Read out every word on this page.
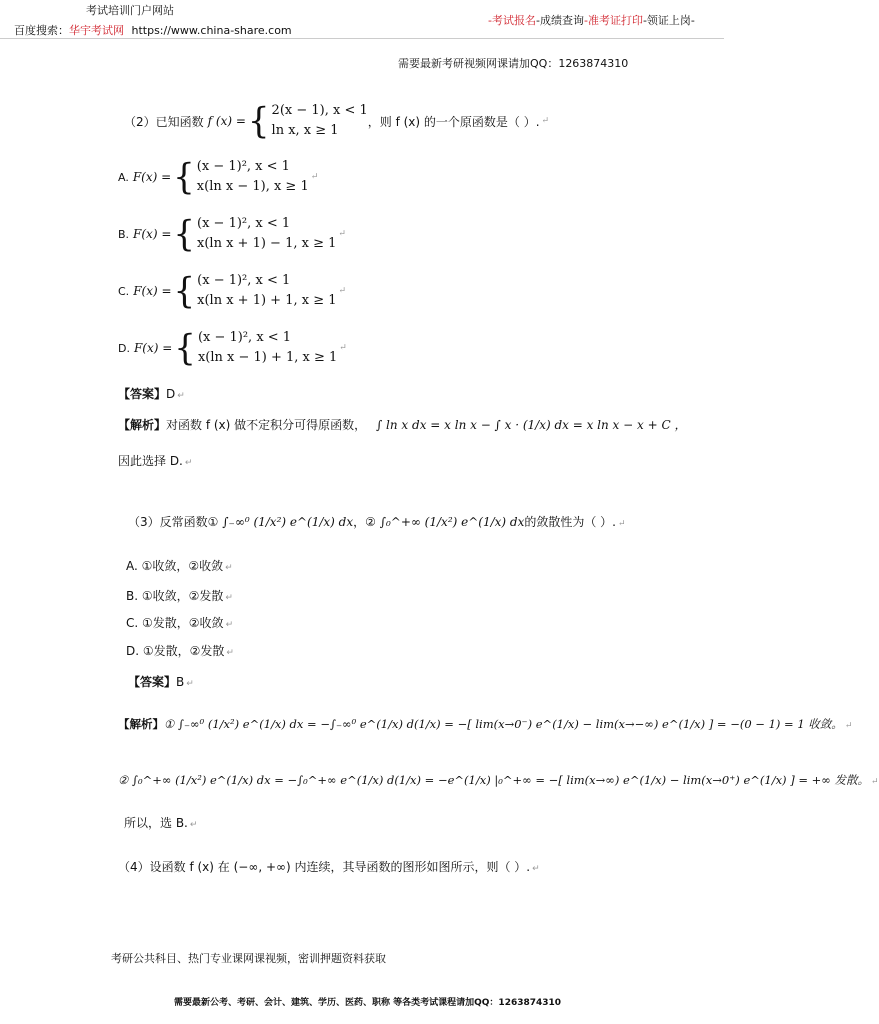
考试培训门户网站
百度搜索：华宇考试网 https://www.china-share.com
-考试报名-成绩查询-准考证打印-领证上岗-
需要最新考研视频网课请加QQ：1263874310
（2）已知函数 f (x) = { 2(x − 1), x < 1
ln x, x ≥ 1
，则 f (x) 的一个原函数是（ ）. ↵
A. F(x) = { (x − 1)², x < 1
x(ln x − 1), x ≥ 1
↵
B. F(x) = { (x − 1)², x < 1
x(ln x + 1) − 1, x ≥ 1
↵
C. F(x) = { (x − 1)², x < 1
x(ln x + 1) + 1, x ≥ 1
↵
D. F(x) = { (x − 1)², x < 1
x(ln x − 1) + 1, x ≥ 1
↵
【答案】D ↵
【解析】对函数 f (x) 做不定积分可得原函数， ∫ ln x dx = x ln x − ∫ x · (1/x) dx = x ln x − x + C ，
因此选择 D. ↵
（3）反常函数① ∫₋∞⁰ (1/x²) e^(1/x) dx，② ∫₀^+∞ (1/x²) e^(1/x) dx的敛散性为（ ）. ↵
A. ①收敛，②收敛 ↵
B. ①收敛，②发散 ↵
C. ①发散，②收敛 ↵
D. ①发散，②发散 ↵
【答案】B ↵
【解析】① ∫₋∞⁰ (1/x²) e^(1/x) dx = −∫₋∞⁰ e^(1/x) d(1/x) = −[ lim(x→0⁻) e^(1/x) − lim(x→−∞) e^(1/x) ] = −(0 − 1) = 1 收敛。 ↵
② ∫₀^+∞ (1/x²) e^(1/x) dx = −∫₀^+∞ e^(1/x) d(1/x) = −e^(1/x) |₀^+∞ = −[ lim(x→∞) e^(1/x) − lim(x→0⁺) e^(1/x) ] = +∞ 发散。 ↵
所以，选 B. ↵
（4）设函数 f (x) 在 (−∞, +∞) 内连续，其导函数的图形如图所示，则（ ）. ↵
考研公共科目、热门专业课网课视频，密训押题资料获取
需要最新公考、考研、会计、建筑、学历、医药、职称 等各类考试课程请加QQ：1263874310
